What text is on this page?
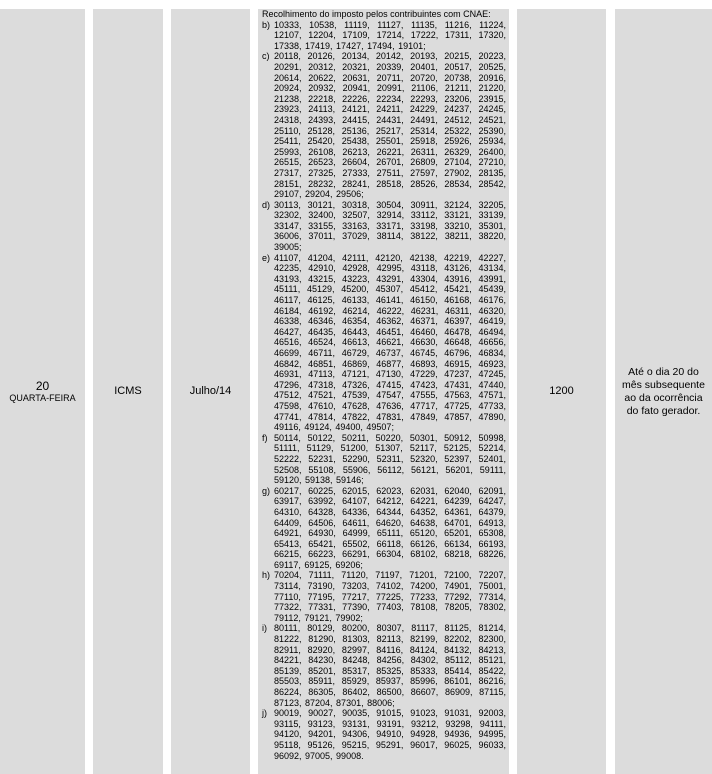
20
QUARTA-FEIRA
ICMS	Julho/14
Recolhimento do imposto pelos contribuintes com CNAE:
b) 10333, 10538, 11119, 11127, 11135, 11216, 11224, 12107, 12204, 17109, 17214, 17222, 17311, 17320, 17338, 17419, 17427, 17494, 19101;
c) 20118, 20126, 20134, 20142, 20193, 20215, 20223, 20291, 20312, 20321, 20339, 20401, 20517, 20525, 20614, 20622, 20631, 20711, 20720, 20738, 20916, 20924, 20932, 20941, 20991, 21106, 21211, 21220, 21238, 22218, 22226, 22234, 22293, 23206, 23915, 23923, 24113, 24121, 24211, 24229, 24237, 24245, 24318, 24393, 24415, 24431, 24491, 24512, 24521, 25110, 25128, 25136, 25217, 25314, 25322, 25390, 25411, 25420, 25438, 25501, 25918, 25926, 25934, 25993, 26108, 26213, 26221, 26311, 26329, 26400, 26515, 26523, 26604, 26701, 26809, 27104, 27210, 27317, 27325, 27333, 27511, 27597, 27902, 28135, 28151, 28232, 28241, 28518, 28526, 28534, 28542, 29107, 29204, 29506;
d) 30113, 30121, 30318, 30504, 30911, 32124, 32205, 32302, 32400, 32507, 32914, 33112, 33121, 33139, 33147, 33155, 33163, 33171, 33198, 33210, 35301, 36006, 37011, 37029, 38114, 38122, 38211, 38220, 39005;
e) 41107, 41204, 42111, 42120, 42138, 42219, 42227, 42235, 42910, 42928, 42995, 43118, 43126, 43134, 43193, 43215, 43223, 43291, 43304, 43916, 43991, 45111, 45129, 45200, 45307, 45412, 45421, 45439, 46117, 46125, 46133, 46141, 46150, 46168, 46176, 46184, 46192, 46214, 46222, 46231, 46311, 46320, 46338, 46346, 46354, 46362, 46371, 46397, 46419, 46427, 46435, 46443, 46451, 46460, 46478, 46494, 46516, 46524, 46613, 46621, 46630, 46648, 46656, 46699, 46711, 46729, 46737, 46745, 46796, 46834, 46842, 46851, 46869, 46877, 46893, 46915, 46923, 46931, 47113, 47121, 47130, 47229, 47237, 47245, 47296, 47318, 47326, 47415, 47423, 47431, 47440, 47512, 47521, 47539, 47547, 47555, 47563, 47571, 47598, 47610, 47628, 47636, 47717, 47725, 47733, 47741, 47814, 47822, 47831, 47849, 47857, 47890, 49116, 49124, 49400, 49507;
f) 50114, 50122, 50211, 50220, 50301, 50912, 50998, 51111, 51129, 51200, 51307, 52117, 52125, 52214, 52222, 52231, 52290, 52311, 52320, 52397, 52401, 52508, 55108, 55906, 56112, 56121, 56201, 59111, 59120, 59138, 59146;
g) 60217, 60225, 62015, 62023, 62031, 62040, 62091, 63917, 63992, 64107, 64212, 64221, 64239, 64247, 64310, 64328, 64336, 64344, 64352, 64361, 64379, 64409, 64506, 64611, 64620, 64638, 64701, 64913, 64921, 64930, 64999, 65111, 65120, 65201, 65308, 65413, 65421, 65502, 66118, 66126, 66134, 66193, 66215, 66223, 66291, 66304, 68102, 68218, 68226, 69117, 69125, 69206;
h) 70204, 71111, 71120, 71197, 71201, 72100, 72207, 73114, 73190, 73203, 74102, 74200, 74901, 75001, 77110, 77195, 77217, 77225, 77233, 77292, 77314, 77322, 77331, 77390, 77403, 78108, 78205, 78302, 79112, 79121, 79902;
i) 80111, 80129, 80200, 80307, 81117, 81125, 81214, 81222, 81290, 81303, 82113, 82199, 82202, 82300, 82911, 82920, 82997, 84116, 84124, 84132, 84213, 84221, 84230, 84248, 84256, 84302, 85112, 85121, 85139, 85201, 85317, 85325, 85333, 85414, 85422, 85503, 85911, 85929, 85937, 85996, 86101, 86216, 86224, 86305, 86402, 86500, 86607, 86909, 87115, 87123, 87204, 87301, 88006;
j) 90019, 90027, 90035, 91015, 91023, 91031, 92003, 93115, 93123, 93131, 93191, 93212, 93298, 94111, 94120, 94201, 94306, 94910, 94928, 94936, 94995, 95118, 95126, 95215, 95291, 96017, 96025, 96033, 96092, 97005, 99008.
1200
Até o dia 20 do mês subsequente ao da ocorrência do fato gerador.
